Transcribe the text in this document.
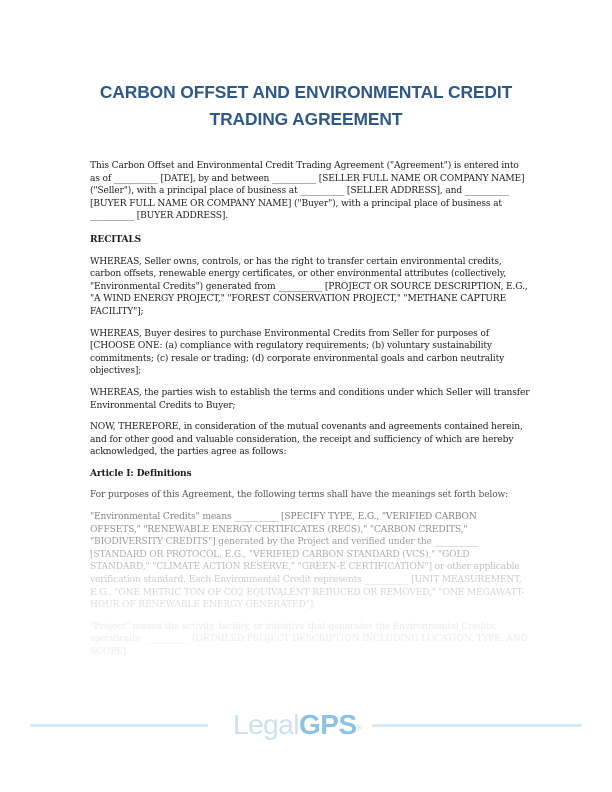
CARBON OFFSET AND ENVIRONMENTAL CREDIT
TRADING AGREEMENT

This Carbon Offset and Environmental Credit Trading Agreement ("Agreement") is entered into as of __________ [DATE], by and between __________ [SELLER FULL NAME OR COMPANY NAME] ("Seller"), with a principal place of business at __________ [SELLER ADDRESS], and __________ [BUYER FULL NAME OR COMPANY NAME] ("Buyer"), with a principal place of business at __________ [BUYER ADDRESS].

RECITALS

WHEREAS, Seller owns, controls, or has the right to transfer certain environmental credits, carbon offsets, renewable energy certificates, or other environmental attributes (collectively, "Environmental Credits") generated from __________ [PROJECT OR SOURCE DESCRIPTION, E.G., "A WIND ENERGY PROJECT," "FOREST CONSERVATION PROJECT," "METHANE CAPTURE FACILITY"];

WHEREAS, Buyer desires to purchase Environmental Credits from Seller for purposes of [CHOOSE ONE: (a) compliance with regulatory requirements; (b) voluntary sustainability commitments; (c) resale or trading; (d) corporate environmental goals and carbon neutrality objectives];

WHEREAS, the parties wish to establish the terms and conditions under which Seller will transfer Environmental Credits to Buyer;

NOW, THEREFORE, in consideration of the mutual covenants and agreements contained herein, and for other good and valuable consideration, the receipt and sufficiency of which are hereby acknowledged, the parties agree as follows:

Article I: Definitions

For purposes of this Agreement, the following terms shall have the meanings set forth below:

"Environmental Credits" means __________ [SPECIFY TYPE, E.G., "VERIFIED CARBON OFFSETS," "RENEWABLE ENERGY CERTIFICATES (RECS)," "CARBON CREDITS," "BIODIVERSITY CREDITS"] generated by the Project and verified under the __________ [STANDARD OR PROTOCOL, E.G., "VERIFIED CARBON STANDARD (VCS)," "GOLD STANDARD," "CLIMATE ACTION RESERVE," "GREEN-E CERTIFICATION"] or other applicable verification standard. Each Environmental Credit represents __________ [UNIT MEASUREMENT, E.G., "ONE METRIC TON OF CO2 EQUIVALENT REDUCED OR REMOVED," "ONE MEGAWATT-HOUR OF RENEWABLE ENERGY GENERATED"].

"Project" means the activity, facility, or initiative that generates the Environmental Credits, specifically: __________ [DETAILED PROJECT DESCRIPTION INCLUDING LOCATION, TYPE, AND SCOPE].

LegalGPS®
